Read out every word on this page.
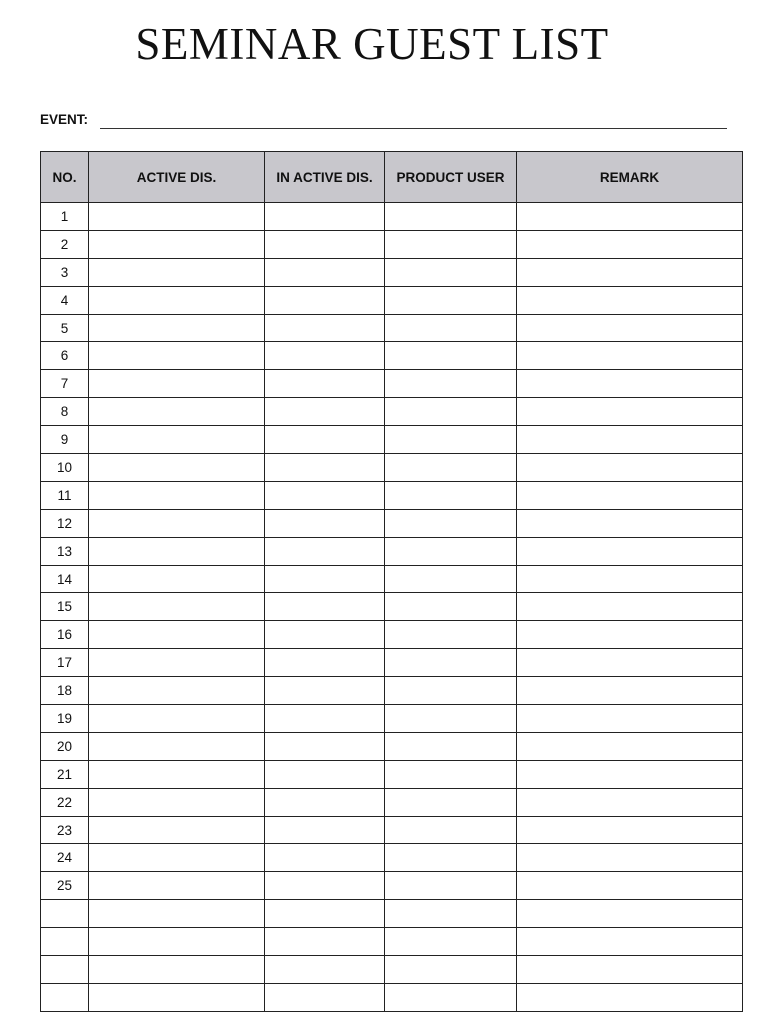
SEMINAR GUEST LIST
EVENT:
NO.	ACTIVE DIS.	IN ACTIVE DIS.	PRODUCT USER	REMARK
1				
2				
3				
4				
5				
6				
7				
8				
9				
10				
11				
12				
13				
14				
15				
16				
17				
18				
19				
20				
21				
22				
23				
24				
25				
